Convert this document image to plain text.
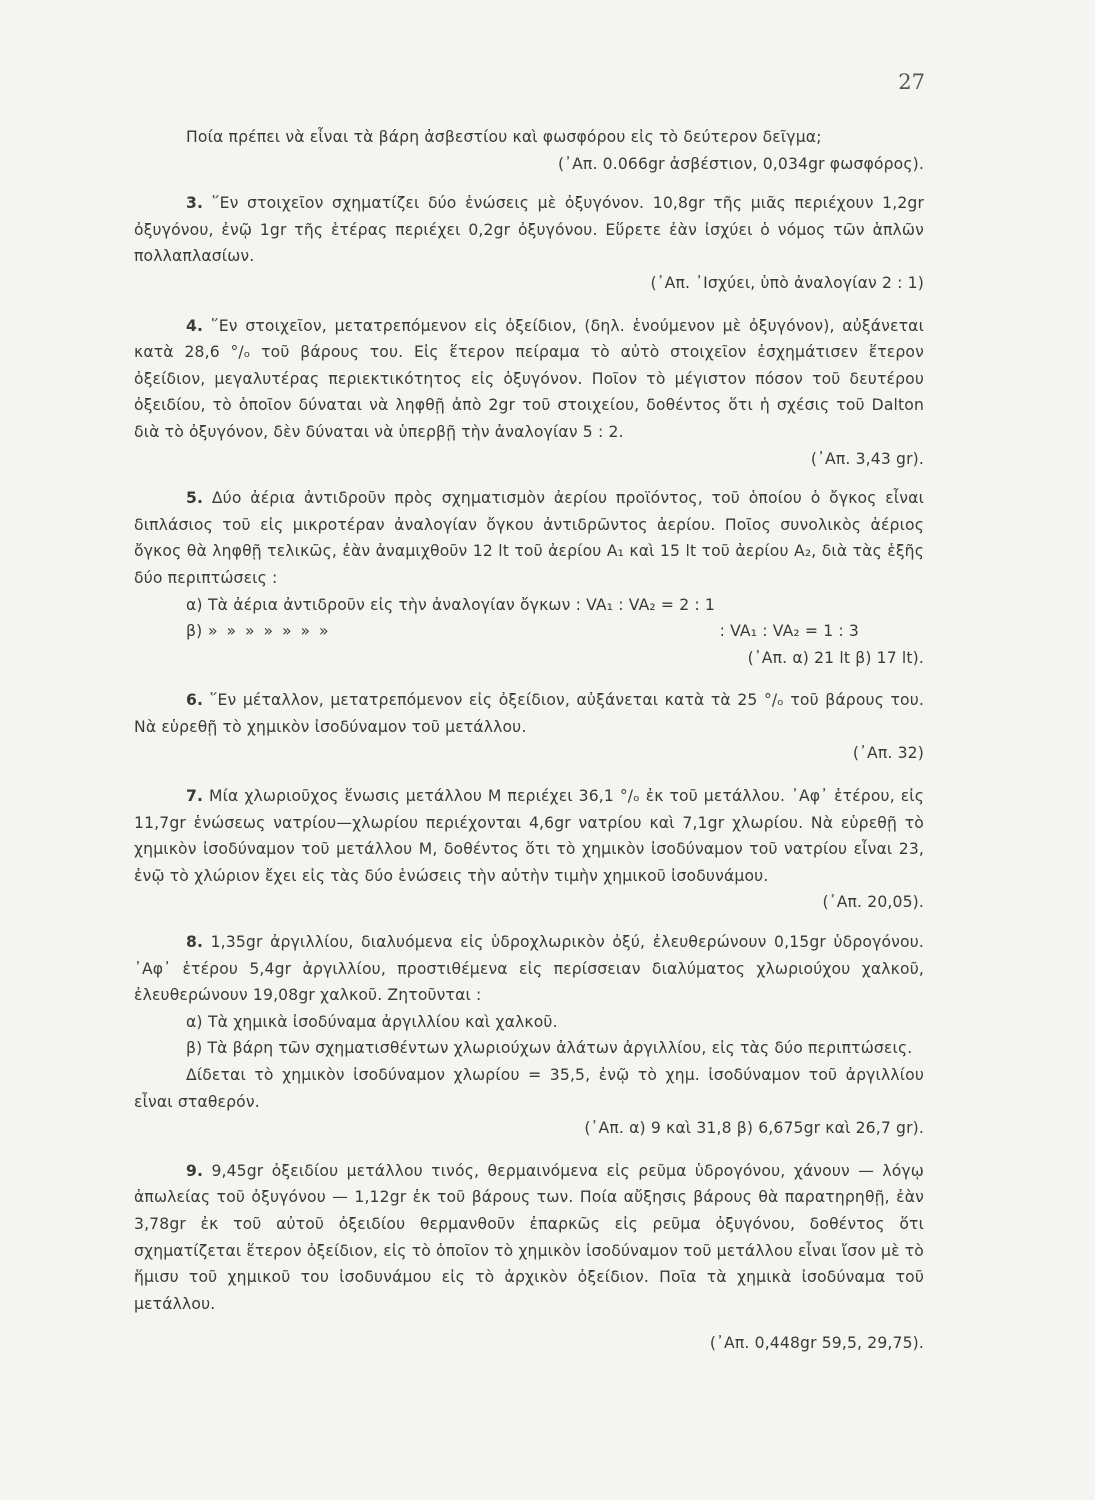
27

Ποία πρέπει νὰ εἶναι τὰ βάρη ἀσβεστίου καὶ φωσφόρου εἰς τὸ δεύτερον δεῖγμα;

(᾿Απ. 0.066gr ἀσβέστιον, 0,034gr φωσφόρος).

3. ῞Εν στοιχεῖον σχηματίζει δύο ἑνώσεις μὲ ὀξυγόνον. 10,8gr τῆς μιᾶς περιέχουν 1,2gr ὀξυγόνου, ἐνῷ 1gr τῆς ἑτέρας περιέχει 0,2gr ὀξυγόνου. Εὕρετε ἐὰν ἰσχύει ὁ νόμος τῶν ἁπλῶν πολλαπλασίων.

(᾿Απ. ᾿Ισχύει, ὑπὸ ἀναλογίαν 2 : 1)

4. ῞Εν στοιχεῖον, μετατρεπόμενον εἰς ὀξείδιον, (δηλ. ἑνούμενον μὲ ὀξυγόνον), αὐξάνεται κατὰ 28,6 °/ₒ τοῦ βάρους του. Εἰς ἕτερον πείραμα τὸ αὐτὸ στοιχεῖον ἐσχημάτισεν ἕτερον ὀξείδιον, μεγαλυτέρας περιεκτικότητος εἰς ὀξυγόνον. Ποῖον τὸ μέγιστον πόσον τοῦ δευτέρου ὀξειδίου, τὸ ὁποῖον δύναται νὰ ληφθῇ ἀπὸ 2gr τοῦ στοιχείου, δοθέντος ὅτι ἡ σχέσις τοῦ Dalton διὰ τὸ ὀξυγόνον, δὲν δύναται νὰ ὑπερβῇ τὴν ἀναλογίαν 5 : 2.

(᾿Απ. 3,43 gr).

5. Δύο ἀέρια ἀντιδροῦν πρὸς σχηματισμὸν ἀερίου προϊόντος, τοῦ ὁποίου ὁ ὄγκος εἶναι διπλάσιος τοῦ εἰς μικροτέραν ἀναλογίαν ὄγκου ἀντιδρῶντος ἀερίου. Ποῖος συνολικὸς ἀέριος ὄγκος θὰ ληφθῇ τελικῶς, ἐὰν ἀναμιχθοῦν 12 lt τοῦ ἀερίου A₁ καὶ 15 lt τοῦ ἀερίου A₂, διὰ τὰς ἑξῆς δύο περιπτώσεις :

α) Τὰ ἀέρια ἀντιδροῦν εἰς τὴν ἀναλογίαν ὄγκων : VA₁ : VA₂ = 2 : 1
β) » » » » » » »	: VA₁ : VA₂ = 1 : 3

(᾿Απ. α) 21 lt β) 17 lt).

6. ῞Εν μέταλλον, μετατρεπόμενον εἰς ὀξείδιον, αὐξάνεται κατὰ τὰ 25 °/ₒ τοῦ βάρους του. Νὰ εὑρεθῇ τὸ χημικὸν ἰσοδύναμον τοῦ μετάλλου.

(᾿Απ. 32)

7. Μία χλωριοῦχος ἕνωσις μετάλλου Μ περιέχει 36,1 °/ₒ ἐκ τοῦ μετάλλου. ᾿Αφ᾿ ἑτέρου, εἰς 11,7gr ἑνώσεως νατρίου—χλωρίου περιέχονται 4,6gr νατρίου καὶ 7,1gr χλωρίου. Νὰ εὑρεθῇ τὸ χημικὸν ἰσοδύναμον τοῦ μετάλλου Μ, δοθέντος ὅτι τὸ χημικὸν ἰσοδύναμον τοῦ νατρίου εἶναι 23, ἐνῷ τὸ χλώριον ἔχει εἰς τὰς δύο ἑνώσεις τὴν αὐτὴν τιμὴν χημικοῦ ἰσοδυνάμου.

(᾿Απ. 20,05).

8. 1,35gr ἀργιλλίου, διαλυόμενα εἰς ὑδροχλωρικὸν ὀξύ, ἐλευθερώνουν 0,15gr ὑδρογόνου. ᾿Αφ᾿ ἑτέρου 5,4gr ἀργιλλίου, προστιθέμενα εἰς περίσσειαν διαλύματος χλωριούχου χαλκοῦ, ἐλευθερώνουν 19,08gr χαλκοῦ. Ζητοῦνται :

α) Τὰ χημικὰ ἰσοδύναμα ἀργιλλίου καὶ χαλκοῦ.

β) Τὰ βάρη τῶν σχηματισθέντων χλωριούχων ἀλάτων ἀργιλλίου, εἰς τὰς δύο περιπτώσεις.

Δίδεται τὸ χημικὸν ἰσοδύναμον χλωρίου = 35,5, ἐνῷ τὸ χημ. ἰσοδύναμον τοῦ ἀργιλλίου εἶναι σταθερόν.

(᾿Απ. α) 9 καὶ 31,8 β) 6,675gr καὶ 26,7 gr).

9. 9,45gr ὀξειδίου μετάλλου τινός, θερμαινόμενα εἰς ρεῦμα ὑδρογόνου, χάνουν — λόγῳ ἀπωλείας τοῦ ὀξυγόνου — 1,12gr ἐκ τοῦ βάρους των. Ποία αὔξησις βάρους θὰ παρατηρηθῇ, ἐὰν 3,78gr ἐκ τοῦ αὐτοῦ ὀξειδίου θερμανθοῦν ἐπαρκῶς εἰς ρεῦμα ὀξυγόνου, δοθέντος ὅτι σχηματίζεται ἕτερον ὀξείδιον, εἰς τὸ ὁποῖον τὸ χημικὸν ἰσοδύναμον τοῦ μετάλλου εἶναι ἴσον μὲ τὸ ἥμισυ τοῦ χημικοῦ του ἰσοδυνάμου εἰς τὸ ἀρχικὸν ὀξείδιον. Ποῖα τὰ χημικὰ ἰσοδύναμα τοῦ μετάλλου.

(᾿Απ. 0,448gr 59,5, 29,75).
